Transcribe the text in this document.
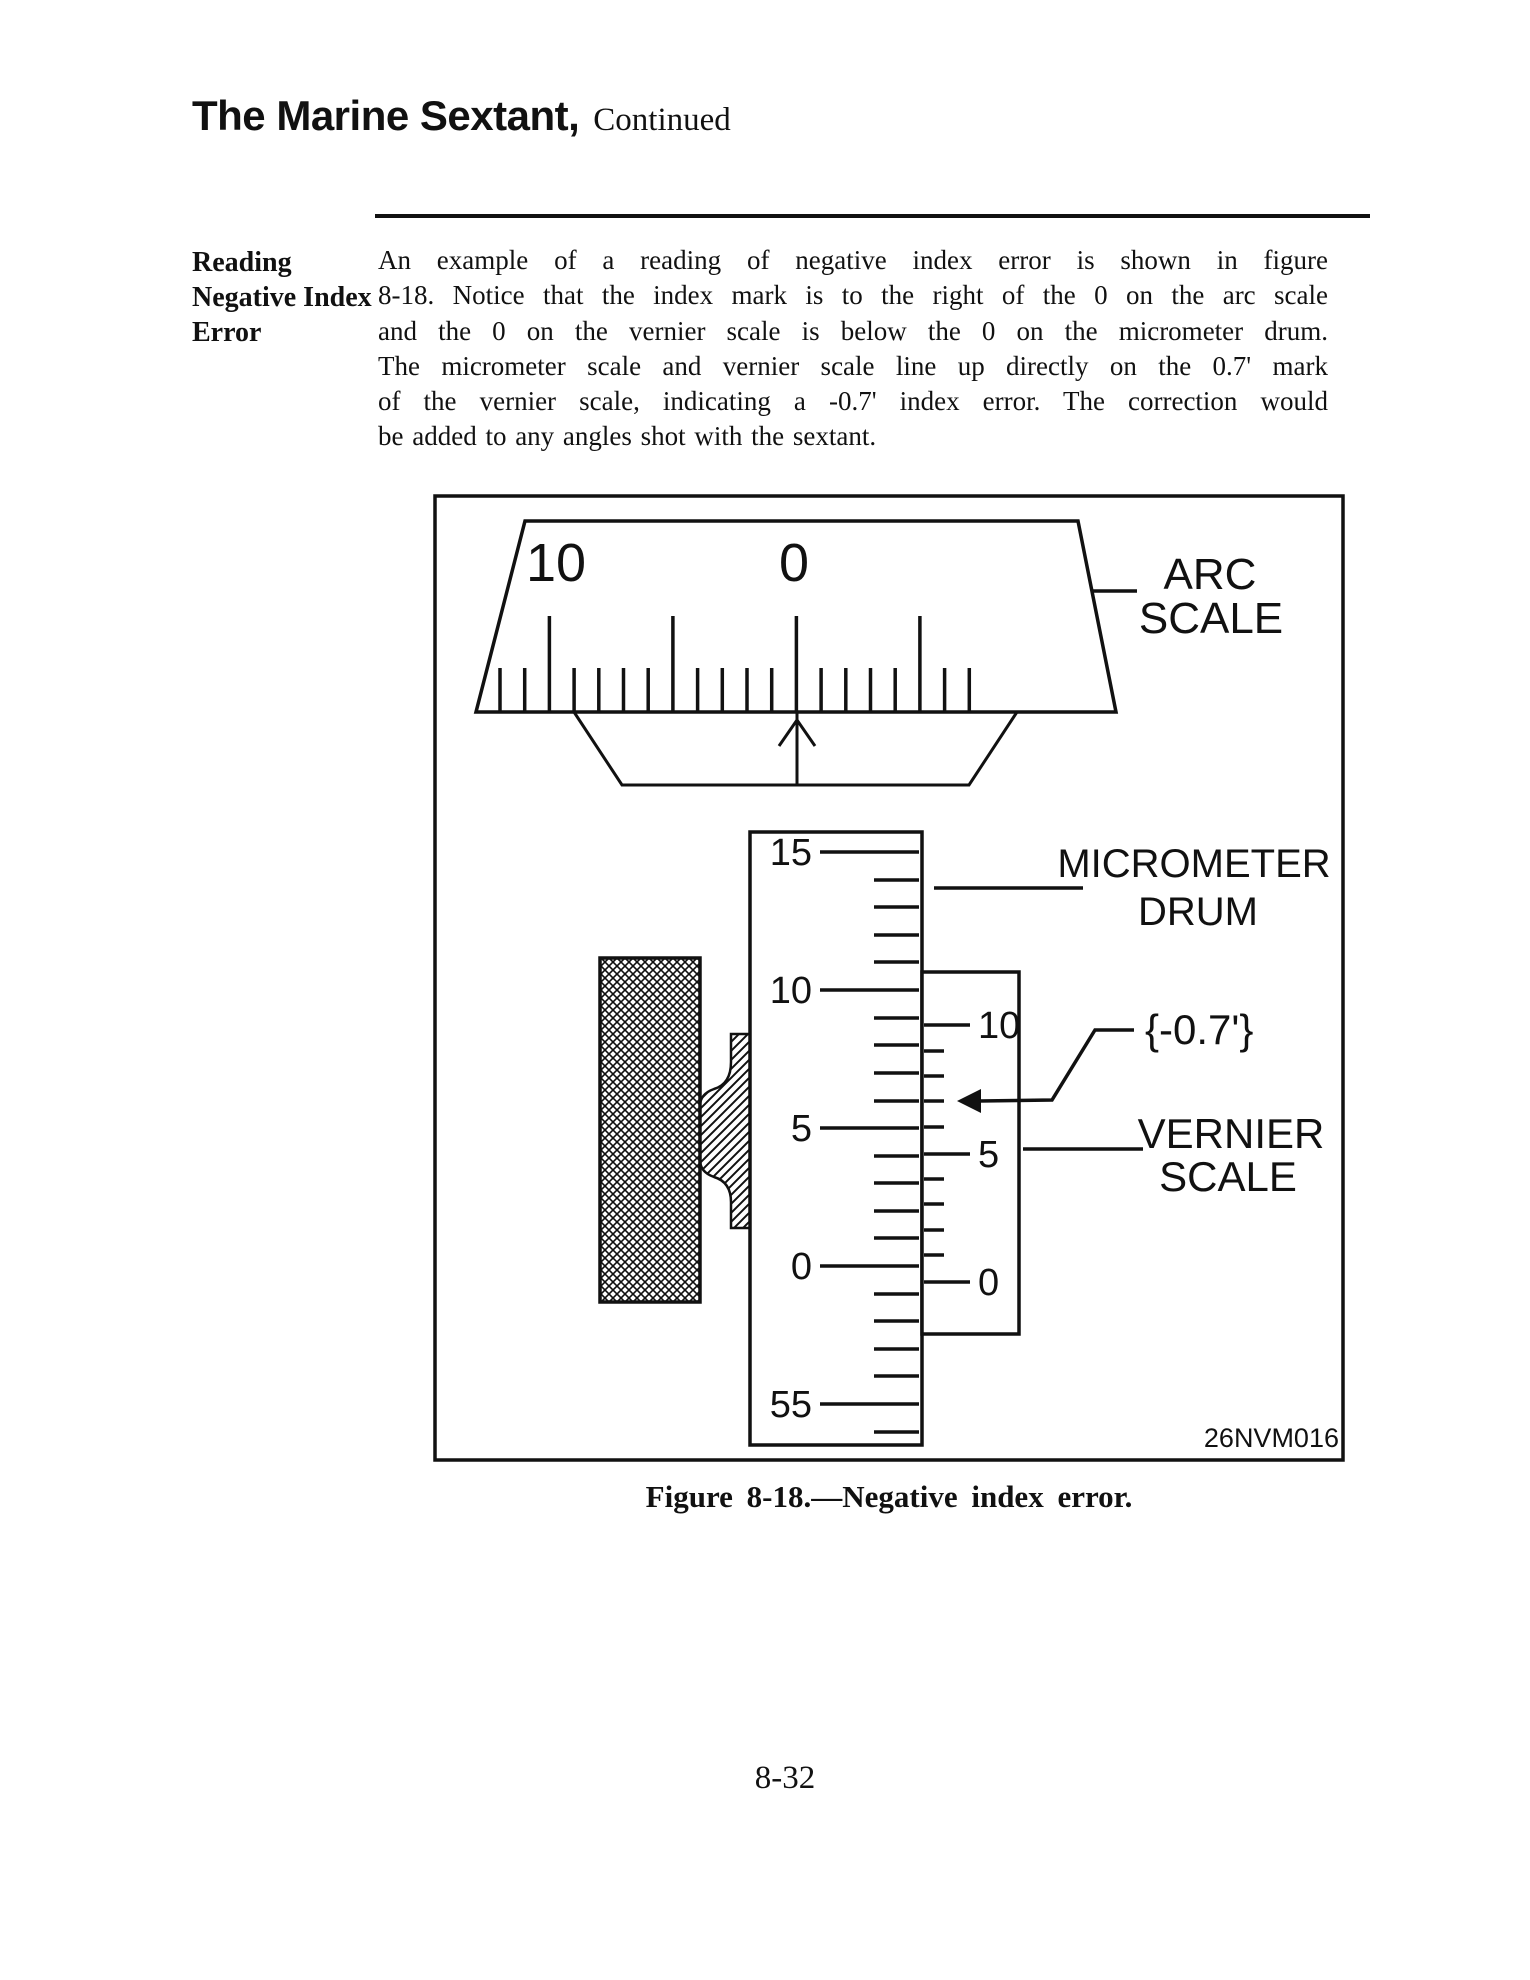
The Marine Sextant, Continued
Reading
Negative Index
Error
An example of a reading of negative index error is shown in figure
8-18. Notice that the index mark is to the right of the 0 on the arc scale
and the 0 on the vernier scale is below the 0 on the micrometer drum.
The micrometer scale and vernier scale line up directly on the 0.7' mark
of the vernier scale, indicating a -0.7' index error. The correction would
be added to any angles shot with the sextant.
10	0
15
10
5
0
55
10
5
0
{-0.7'}
ARC
SCALE
MICROMETER
DRUM
VERNIER
SCALE
26NVM016
Figure 8-18.—Negative index error.
8-32
